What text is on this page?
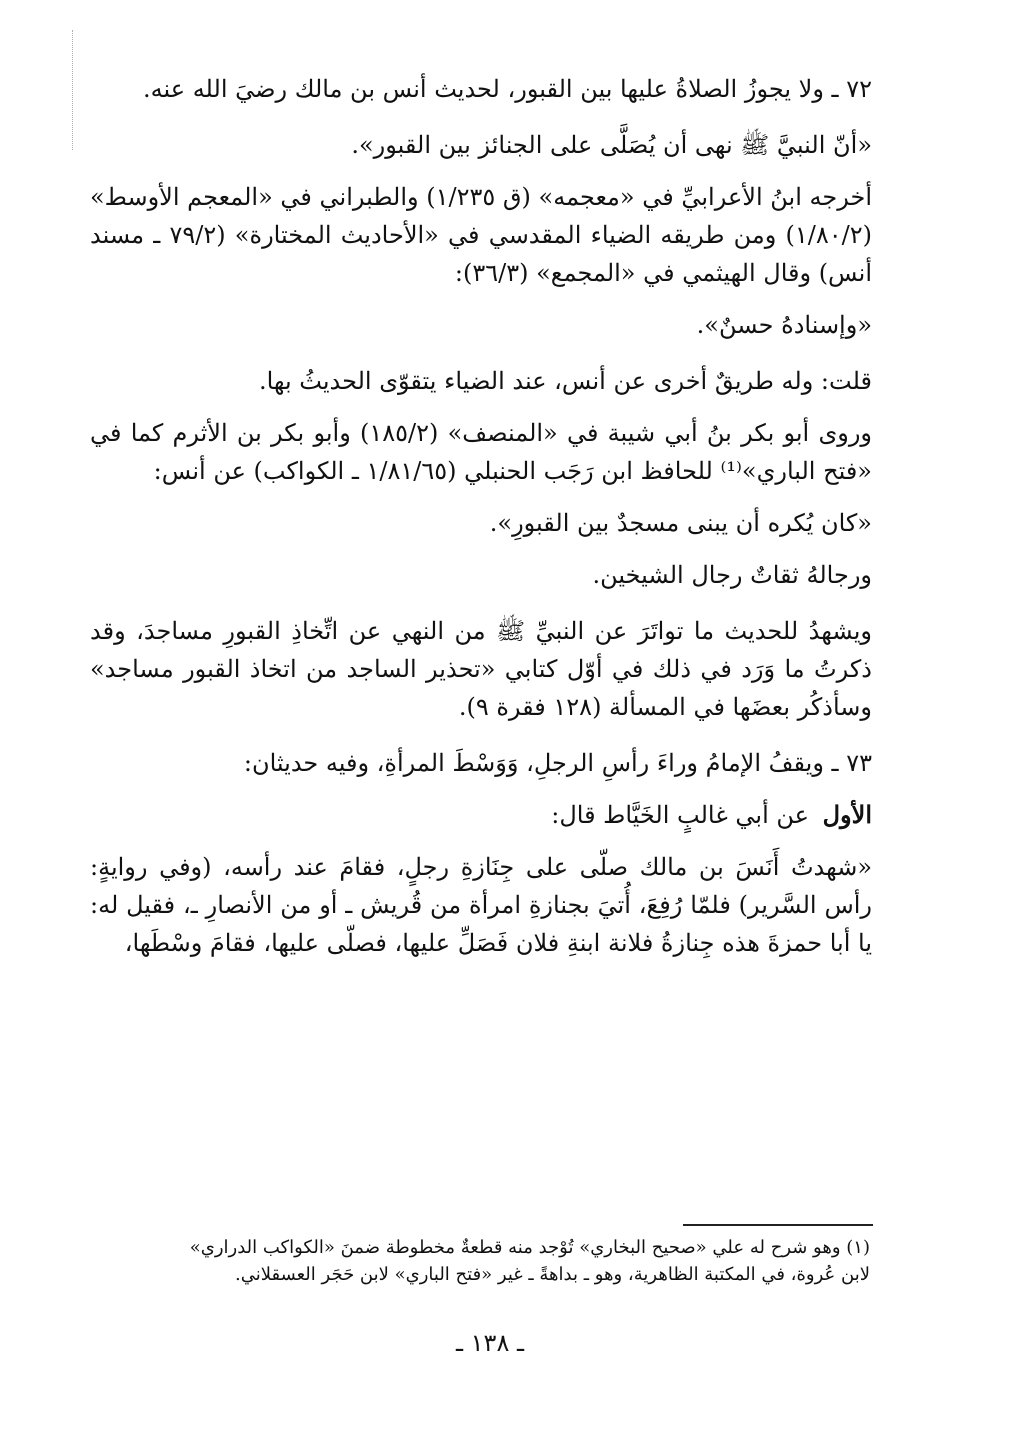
٧٢ ـ ولا يجوزُ الصلاةُ عليها بين القبور، لحديث أنس بن مالك رضيَ الله عنه.

«أنّ النبيَّ ﷺ نهى أن يُصَلَّى على الجنائز بين القبور».

أخرجه ابنُ الأعرابيِّ في «معجمه» (ق ١/٢٣٥) والطبراني في «المعجم الأوسط» (١/٨٠/٢) ومن طريقه الضياء المقدسي في «الأحاديث المختارة» (٧٩/٢ ـ مسند أنس) وقال الهيثمي في «المجمع» (٣٦/٣):

«وإسنادهُ حسنٌ».

قلت: وله طريقٌ أخرى عن أنس، عند الضياء يتقوّى الحديثُ بها.

وروى أبو بكر بنُ أبي شيبة في «المنصف» (١٨٥/٢) وأبو بكر بن الأثرم كما في «فتح الباري»⁽¹⁾ للحافظ ابن رَجَب الحنبلي (١/٨١/٦٥ ـ الكواكب) عن أنس:

«كان يُكره أن يبنى مسجدٌ بين القبورِ».

ورجالهُ ثقاتٌ رجال الشيخين.

ويشهدُ للحديث ما تواتَرَ عن النبيِّ ﷺ من النهي عن اتِّخاذِ القبورِ مساجدَ، وقد ذكرتُ ما وَرَد في ذلك في أوّل كتابي «تحذير الساجد من اتخاذ القبور مساجد» وسأذكُر بعضَها في المسألة (١٢٨ فقرة ٩).

٧٣ ـ ويقفُ الإمامُ وراءَ رأسِ الرجلِ، وَوَسْطَ المرأةِ، وفيه حديثان:

الأول عن أبي غالبٍ الخَيَّاط قال:

«شهدتُ أَنَسَ بن مالك صلّى على جِنَازةِ رجلٍ، فقامَ عند رأسه، (وفي روايةٍ: رأس السَّرير) فلمّا رُفِعَ، أُتيَ بجنازةِ امرأة من قُريش ـ أو من الأنصارِ ـ، فقيل له: يا أبا حمزةَ هذه جِنازةُ فلانة ابنةِ فلان فَصَلِّ عليها، فصلّى عليها، فقامَ وسْطَها،

(١) وهو شرح له علي «صحيح البخاري» تُوْجد منه قطعةٌ مخطوطة ضمنَ «الكواكب الدراري»

لابن عُروة، في المكتبة الظاهرية، وهو ـ بداهةً ـ غير «فتح الباري» لابن حَجَر العسقلاني.

ـ ١٣٨ ـ
